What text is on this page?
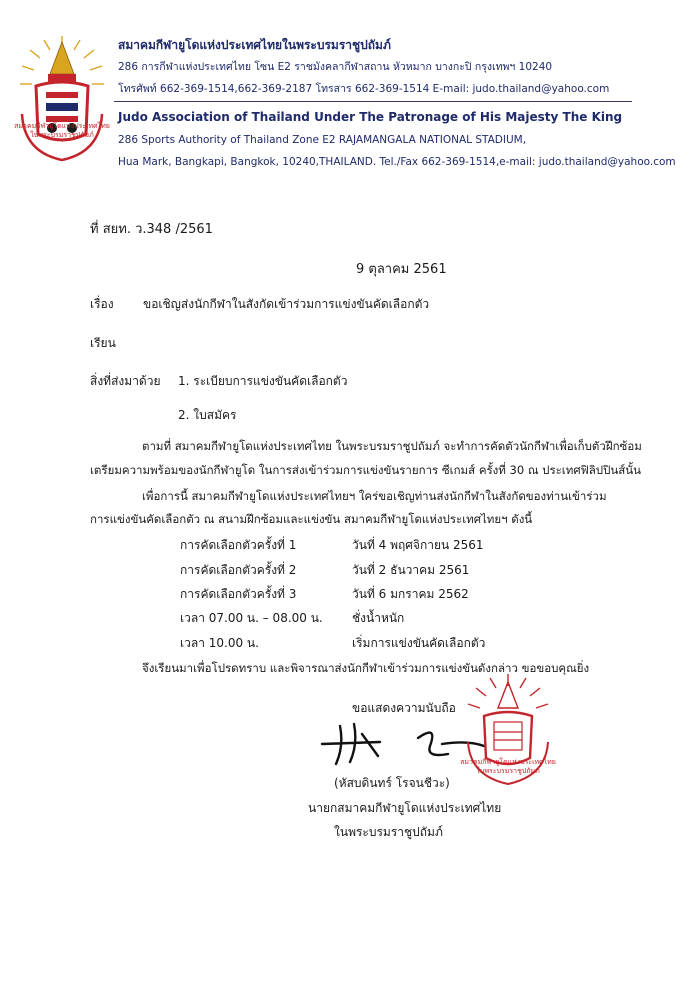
สมาคมกีฬายูโดแห่งประเทศไทย ในพระบรมราชูปถัมภ์
สมาคมกีฬายูโดแห่งประเทศไทยในพระบรมราชูปถัมภ์
286 การกีฬาแห่งประเทศไทย โซน E2 ราชมังคลากีฬาสถาน หัวหมาก บางกะปิ กรุงเทพฯ 10240
โทรศัพท์ 662-369-1514,662-369-2187 โทรสาร 662-369-1514 E-mail: judo.thailand@yahoo.com
Judo Association of Thailand Under The Patronage of His Majesty The King
286 Sports Authority of Thailand Zone E2 RAJAMANGALA NATIONAL STADIUM,
Hua Mark, Bangkapi, Bangkok, 10240,THAILAND. Tel./Fax 662-369-1514,e-mail: judo.thailand@yahoo.com
ที่ สยท. ว.348 /2561
9 ตุลาคม 2561
เรื่อง ขอเชิญส่งนักกีฬาในสังกัดเข้าร่วมการแข่งขันคัดเลือกตัว
เรียน
สิ่งที่ส่งมาด้วย 1. ระเบียบการแข่งขันคัดเลือกตัว
2. ใบสมัคร
ตามที่ สมาคมกีฬายูโดแห่งประเทศไทย ในพระบรมราชูปถัมภ์ จะทำการคัดตัวนักกีฬาเพื่อเก็บตัวฝึกซ้อม
เตรียมความพร้อมของนักกีฬายูโด ในการส่งเข้าร่วมการแข่งขันรายการ ซีเกมส์ ครั้งที่ 30 ณ ประเทศฟิลิปปินส์นั้น
เพื่อการนี้ สมาคมกีฬายูโดแห่งประเทศไทยฯ ใคร่ขอเชิญท่านส่งนักกีฬาในสังกัดของท่านเข้าร่วม
การแข่งขันคัดเลือกตัว ณ สนามฝึกซ้อมและแข่งขัน สมาคมกีฬายูโดแห่งประเทศไทยฯ ดังนี้
การคัดเลือกตัวครั้งที่ 1	วันที่ 4 พฤศจิกายน 2561
การคัดเลือกตัวครั้งที่ 2	วันที่ 2 ธันวาคม 2561
การคัดเลือกตัวครั้งที่ 3	วันที่ 6 มกราคม 2562
เวลา 07.00 น. – 08.00 น. ชั่งน้ำหนัก
เวลา 10.00 น.	เริ่มการแข่งขันคัดเลือกตัว
จึงเรียนมาเพื่อโปรดทราบ และพิจารณาส่งนักกีฬาเข้าร่วมการแข่งขันดังกล่าว ขอขอบคุณยิ่ง
ขอแสดงความนับถือ
สมาคมกีฬายูโดแห่งประเทศไทย ในพระบรมราชูปถัมภ์
(หัสบดินทร์ โรจนชีวะ)
นายกสมาคมกีฬายูโดแห่งประเทศไทย
ในพระบรมราชูปถัมภ์
